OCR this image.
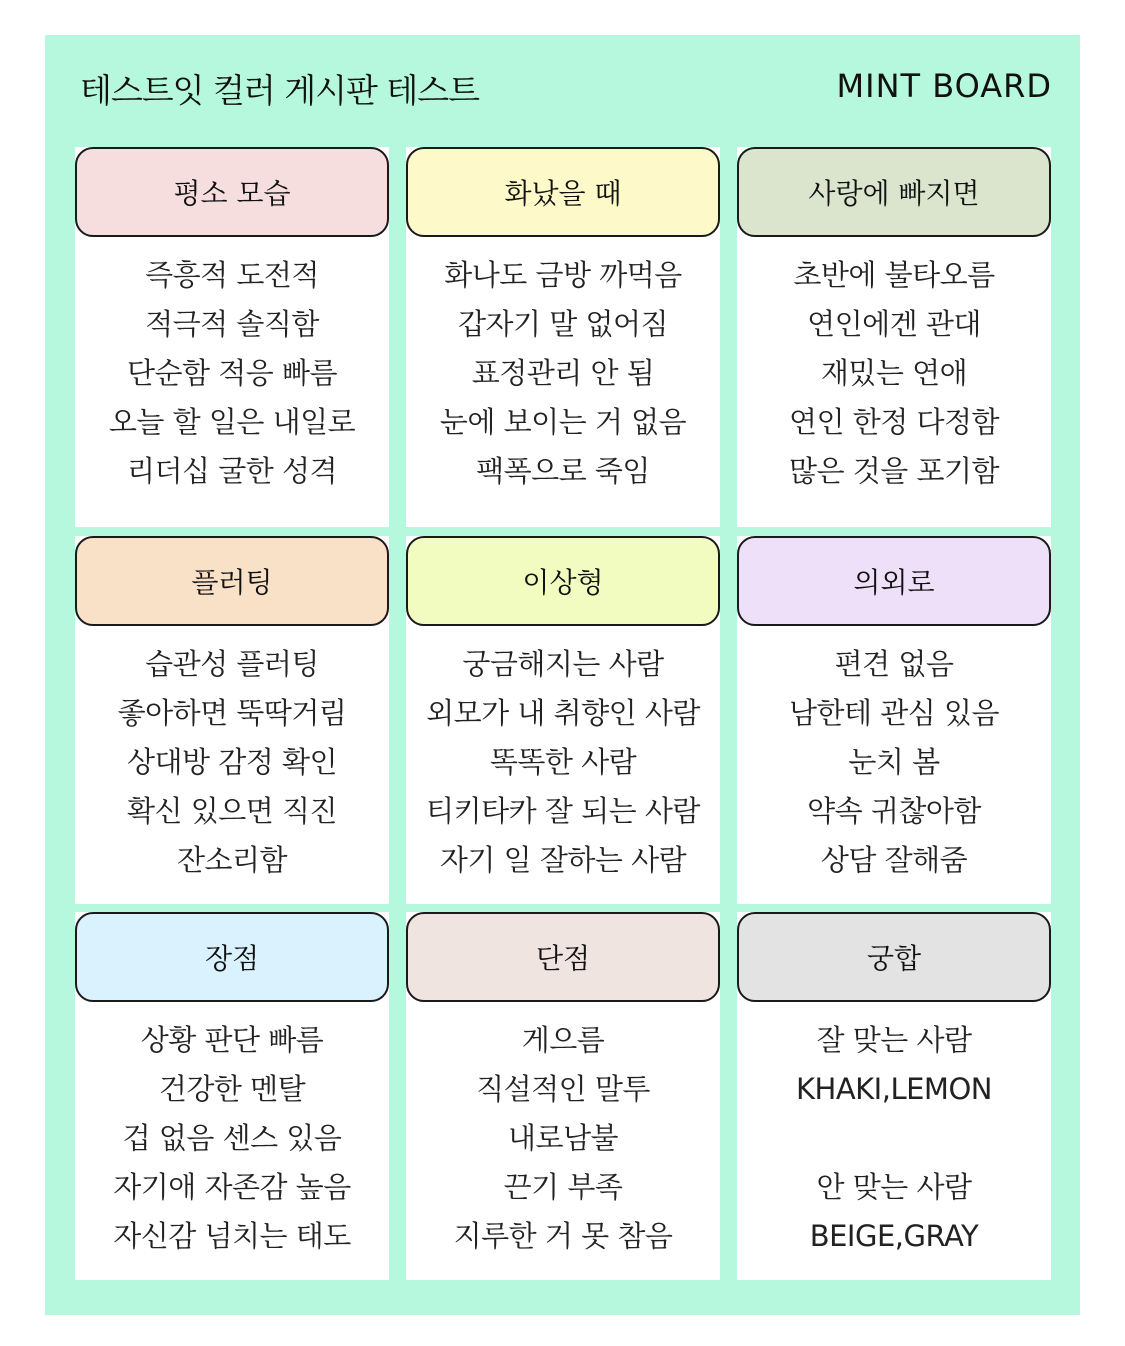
테스트잇 컬러 게시판 테스트	MINT BOARD
평소 모습
즉흥적 도전적
적극적 솔직함
단순함 적응 빠름
오늘 할 일은 내일로
리더십 굴한 성격
화났을 때
화나도 금방 까먹음
갑자기 말 없어짐
표정관리 안 됨
눈에 보이는 거 없음
팩폭으로 죽임
사랑에 빠지면
초반에 불타오름
연인에겐 관대
재밌는 연애
연인 한정 다정함
많은 것을 포기함
플러팅
습관성 플러팅
좋아하면 뚝딱거림
상대방 감정 확인
확신 있으면 직진
잔소리함
이상형
궁금해지는 사람
외모가 내 취향인 사람
똑똑한 사람
티키타카 잘 되는 사람
자기 일 잘하는 사람
의외로
편견 없음
남한테 관심 있음
눈치 봄
약속 귀찮아함
상담 잘해줌
장점
상황 판단 빠름
건강한 멘탈
겁 없음 센스 있음
자기애 자존감 높음
자신감 넘치는 태도
단점
게으름
직설적인 말투
내로남불
끈기 부족
지루한 거 못 참음
궁합
잘 맞는 사람
KHAKI,LEMON
안 맞는 사람
BEIGE,GRAY
